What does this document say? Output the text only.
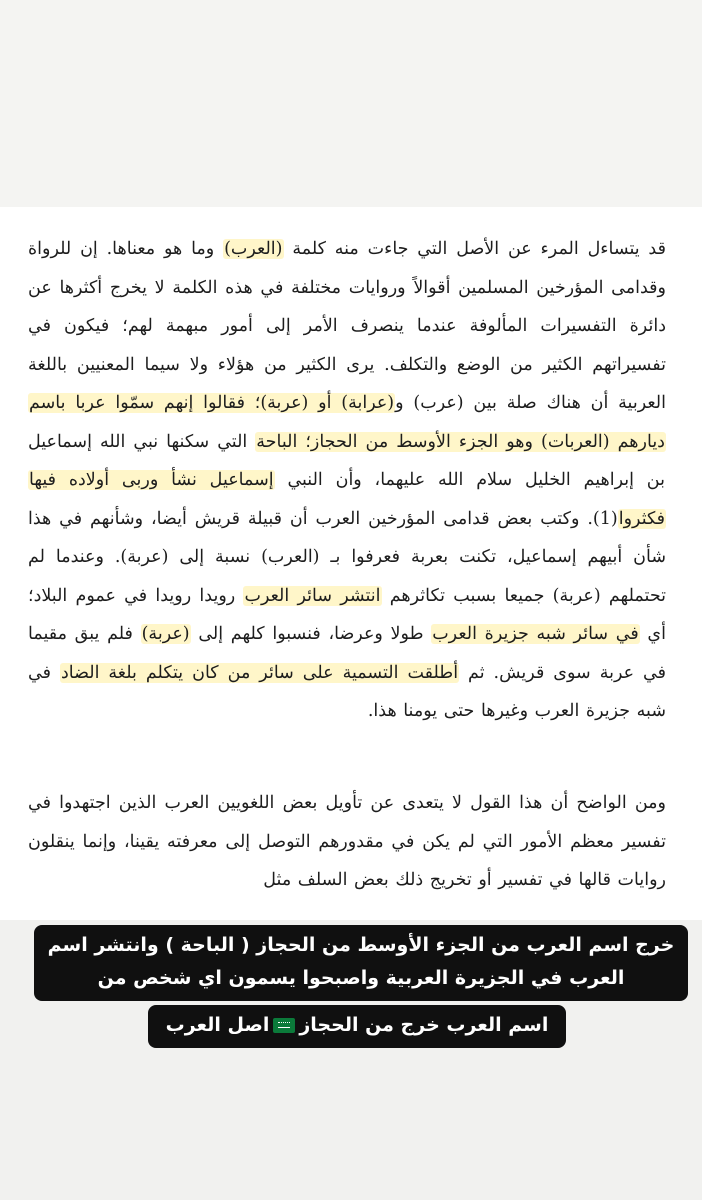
قد يتساءل المرء عن الأصل التي جاءت منه كلمة (العرب) وما هو معناها. إن للرواة وقدامى المؤرخين المسلمين أقوالاً وروايات مختلفة في هذه الكلمة لا يخرج أكثرها عن دائرة التفسيرات المألوفة عندما ينصرف الأمر إلى أمور مبهمة لهم؛ فيكون في تفسيراتهم الكثير من الوضع والتكلف. يرى الكثير من هؤلاء ولا سيما المعنيين باللغة العربية أن هناك صلة بين (عرب) و(عرابة) أو (عربة)؛ فقالوا إنهم سمّوا عربا باسم ديارهم (العربات) وهو الجزء الأوسط من الحجاز؛ الباحة التي سكنها نبي الله إسماعيل بن إبراهيم الخليل سلام الله عليهما، وأن النبي إسماعيل نشأ وربى أولاده فيها فكثروا(1). وكتب بعض قدامى المؤرخين العرب أن قبيلة قريش أيضا، وشأنهم في هذا شأن أبيهم إسماعيل، تكنت بعربة فعرفوا بـ (العرب) نسبة إلى (عربة). وعندما لم تحتملهم (عربة) جميعا بسبب تكاثرهم انتشر سائر العرب رويدا رويدا في عموم البلاد؛ أي في سائر شبه جزيرة العرب طولا وعرضا، فنسبوا كلهم إلى (عربة) فلم يبق مقيما في عربة سوى قريش. ثم أطلقت التسمية على سائر من كان يتكلم بلغة الضاد في شبه جزيرة العرب وغيرها حتى يومنا هذا.

ومن الواضح أن هذا القول لا يتعدى عن تأويل بعض اللغويين العرب الذين اجتهدوا في تفسير معظم الأمور التي لم يكن في مقدورهم التوصل إلى معرفته يقينا، وإنما ينقلون روايات قالها في تفسير أو تخريج ذلك بعض السلف مثل

خرج اسم العرب من الجزء الأوسط من الحجاز ( الباحة ) وانتشر اسم العرب في الجزيرة العربية واصبحوا يسمون اي شخص من
اسم العرب خرج من الحجازاصل العرب
